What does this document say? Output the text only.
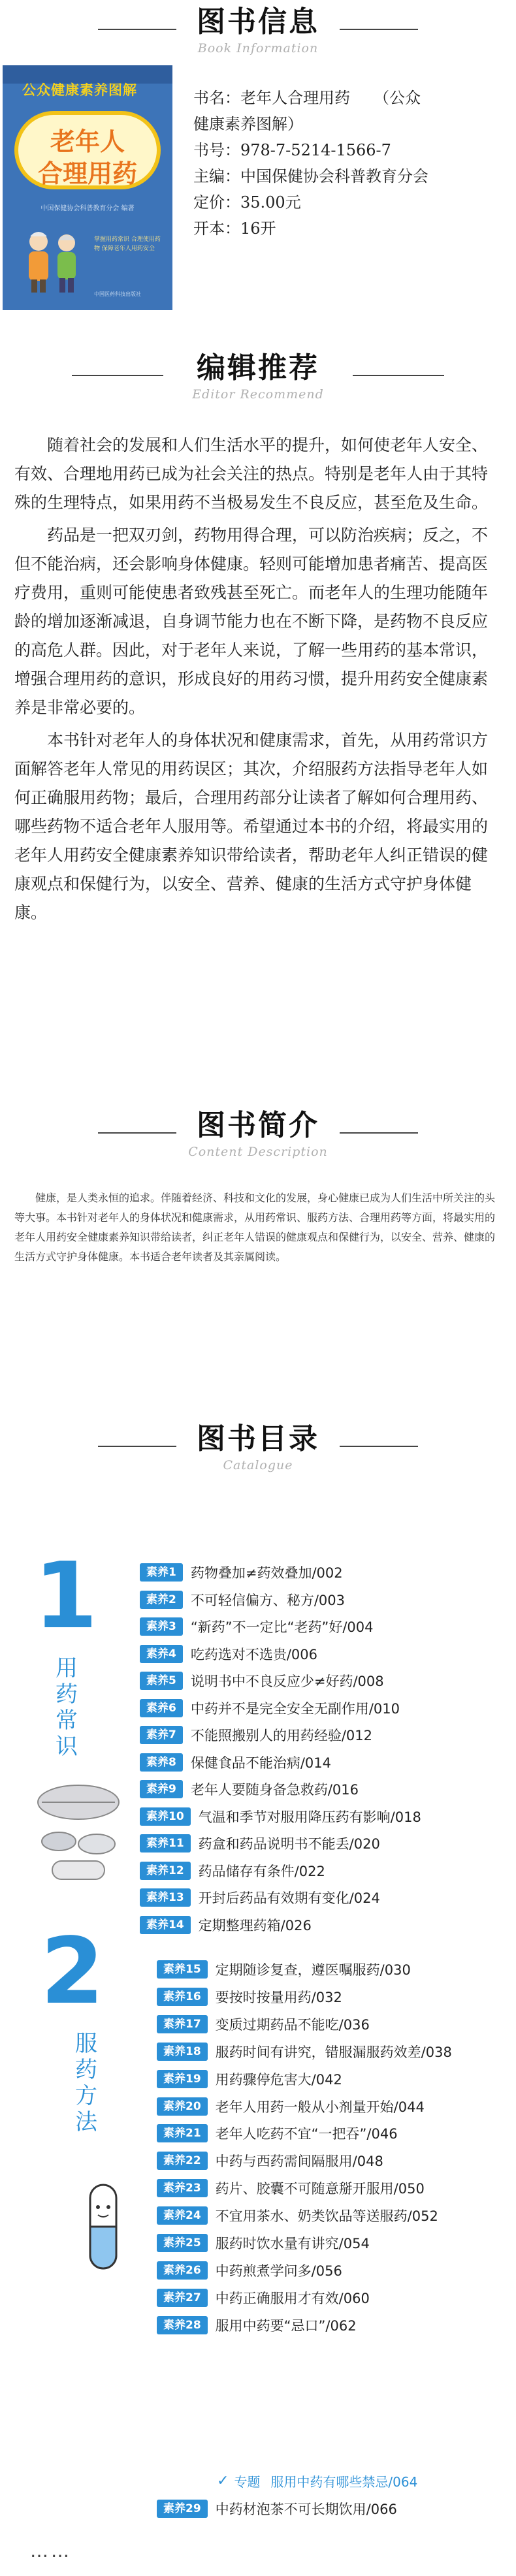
图书信息
Book Information
公众健康素养图解
老年人
合理用药
中国保健协会科普教育分会 编著
掌握用药常识 合理使用药物 保障老年人用药安全
中国医药科技出版社
书名：老年人合理用药　　（公众
健康素养图解）
书号：978-7-5214-1566-7
主编：中国保健协会科普教育分会
定价：35.00元
开本：16开
编辑推荐
Editor Recommend

随着社会的发展和人们生活水平的提升，如何使老年人安全、有效、合理地用药已成为社会关注的热点。特别是老年人由于其特殊的生理特点，如果用药不当极易发生不良反应，甚至危及生命。

药品是一把双刃剑，药物用得合理，可以防治疾病；反之，不但不能治病，还会影响身体健康。轻则可能增加患者痛苦、提高医疗费用，重则可能使患者致残甚至死亡。而老年人的生理功能随年龄的增加逐渐减退，自身调节能力也在不断下降，是药物不良反应的高危人群。因此，对于老年人来说，了解一些用药的基本常识，增强合理用药的意识，形成良好的用药习惯，提升用药安全健康素养是非常必要的。

本书针对老年人的身体状况和健康需求，首先，从用药常识方面解答老年人常见的用药误区；其次，介绍服药方法指导老年人如何正确服用药物；最后，合理用药部分让读者了解如何合理用药、哪些药物不适合老年人服用等。希望通过本书的介绍，将最实用的老年人用药安全健康素养知识带给读者，帮助老年人纠正错误的健康观点和保健行为，以安全、营养、健康的生活方式守护身体健康。

图书简介
Content Description
健康，是人类永恒的追求。伴随着经济、科技和文化的发展，身心健康已成为人们生活中所关注的头等大事。本书针对老年人的身体状况和健康需求，从用药常识、服药方法、合理用药等方面，将最实用的老年人用药安全健康素养知识带给读者，纠正老年人错误的健康观点和保健行为，以安全、营养、健康的生活方式守护身体健康。本书适合老年读者及其亲属阅读。
图书目录
Catalogue
1
用
药
常
识
素养1	药物叠加≠药效叠加/002
素养2	不可轻信偏方、秘方/003
素养3	“新药”不一定比“老药”好/004
素养4	吃药选对不选贵/006
素养5	说明书中不良反应少≠好药/008
素养6	中药并不是完全安全无副作用/010
素养7	不能照搬别人的用药经验/012
素养8	保健食品不能治病/014
素养9	老年人要随身备急救药/016
素养10	气温和季节对服用降压药有影响/018
素养11	药盒和药品说明书不能丢/020
素养12	药品储存有条件/022
素养13	开封后药品有效期有变化/024
素养14	定期整理药箱/026
2
服
药
方
法
素养15	定期随诊复查，遵医嘱服药/030
素养16	要按时按量用药/032
素养17	变质过期药品不能吃/036
素养18	服药时间有讲究，错服漏服药效差/038
素养19	用药骤停危害大/042
素养20	老年人用药一般从小剂量开始/044
素养21	老年人吃药不宜“一把吞”/046
素养22	中药与西药需间隔服用/048
素养23	药片、胶囊不可随意掰开服用/050
素养24	不宜用茶水、奶类饮品等送服药/052
素养25	服药时饮水量有讲究/054
素养26	中药煎煮学问多/056
素养27	中药正确服用才有效/060
素养28	服用中药要“忌口”/062
✓ 专题 服用中药有哪些禁忌/064
素养29	中药材泡茶不可长期饮用/066
……
